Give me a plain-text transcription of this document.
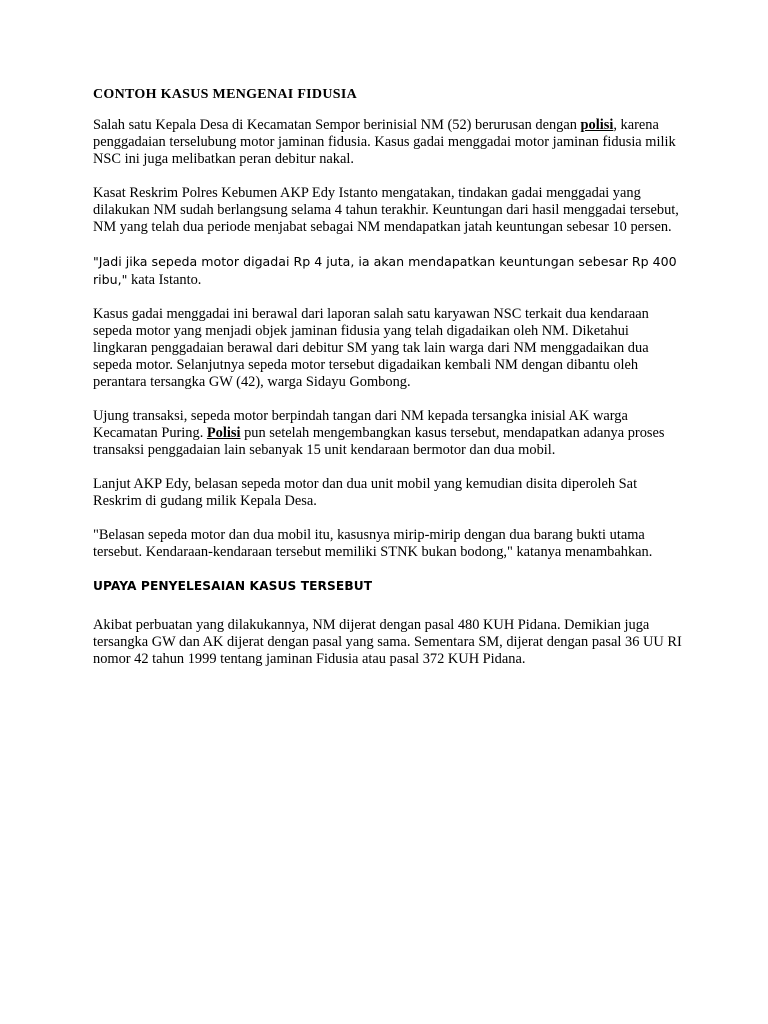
CONTOH KASUS MENGENAI FIDUSIA

Salah satu Kepala Desa di Kecamatan Sempor berinisial NM (52) berurusan dengan polisi, karena penggadaian terselubung motor jaminan fidusia. Kasus gadai menggadai motor jaminan fidusia milik NSC ini juga melibatkan peran debitur nakal.

Kasat Reskrim Polres Kebumen AKP Edy Istanto mengatakan, tindakan gadai menggadai yang dilakukan NM sudah berlangsung selama 4 tahun terakhir. Keuntungan dari hasil menggadai tersebut, NM yang telah dua periode menjabat sebagai NM mendapatkan jatah keuntungan sebesar 10 persen.

"Jadi jika sepeda motor digadai Rp 4 juta, ia akan mendapatkan keuntungan sebesar Rp 400 ribu," kata Istanto.

Kasus gadai menggadai ini berawal dari laporan salah satu karyawan NSC terkait dua kendaraan sepeda motor yang menjadi objek jaminan fidusia yang telah digadaikan oleh NM. Diketahui lingkaran penggadaian berawal dari debitur SM yang tak lain warga dari NM menggadaikan dua sepeda motor. Selanjutnya sepeda motor tersebut digadaikan kembali NM dengan dibantu oleh perantara tersangka GW (42), warga Sidayu Gombong.

Ujung transaksi, sepeda motor berpindah tangan dari NM kepada tersangka inisial AK warga Kecamatan Puring. Polisi pun setelah mengembangkan kasus tersebut, mendapatkan adanya proses transaksi penggadaian lain sebanyak 15 unit kendaraan bermotor dan dua mobil.

Lanjut AKP Edy, belasan sepeda motor dan dua unit mobil yang kemudian disita diperoleh Sat Reskrim di gudang milik Kepala Desa.

"Belasan sepeda motor dan dua mobil itu, kasusnya mirip-mirip dengan dua barang bukti utama tersebut. Kendaraan-kendaraan tersebut memiliki STNK bukan bodong," katanya menambahkan.

UPAYA PENYELESAIAN KASUS TERSEBUT

Akibat perbuatan yang dilakukannya, NM dijerat dengan pasal 480 KUH Pidana. Demikian juga tersangka GW dan AK dijerat dengan pasal yang sama. Sementara SM, dijerat dengan pasal 36 UU RI nomor 42 tahun 1999 tentang jaminan Fidusia atau pasal 372 KUH Pidana.
